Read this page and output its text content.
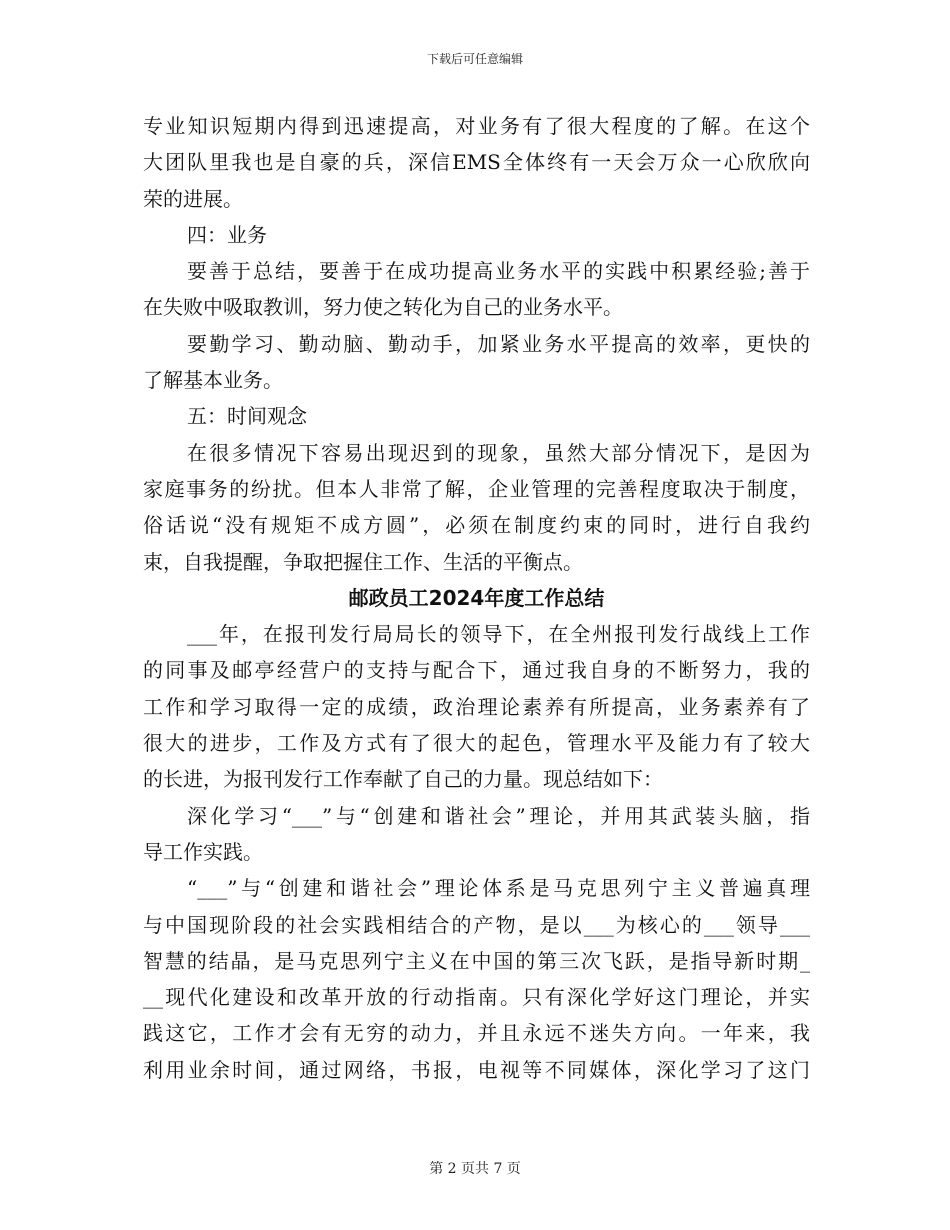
下载后可任意编辑
专业知识短期内得到迅速提高，对业务有了很大程度的了解。在这个
大团队里我也是自豪的兵，深信EMS全体终有一天会万众一心欣欣向
荣的进展。
四：业务
要善于总结，要善于在成功提高业务水平的实践中积累经验;善于
在失败中吸取教训，努力使之转化为自己的业务水平。
要勤学习、勤动脑、勤动手，加紧业务水平提高的效率，更快的
了解基本业务。
五：时间观念
在很多情况下容易出现迟到的现象，虽然大部分情况下，是因为
家庭事务的纷扰。但本人非常了解，企业管理的完善程度取决于制度，
俗话说“没有规矩不成方圆”，必须在制度约束的同时，进行自我约
束，自我提醒，争取把握住工作、生活的平衡点。
邮政员工2024年度工作总结
___年，在报刊发行局局长的领导下，在全州报刊发行战线上工作
的同事及邮亭经营户的支持与配合下，通过我自身的不断努力，我的
工作和学习取得一定的成绩，政治理论素养有所提高，业务素养有了
很大的进步，工作及方式有了很大的起色，管理水平及能力有了较大
的长进，为报刊发行工作奉献了自己的力量。现总结如下：
深化学习“___”与“创建和谐社会”理论，并用其武装头脑，指
导工作实践。
“___”与“创建和谐社会”理论体系是马克思列宁主义普遍真理
与中国现阶段的社会实践相结合的产物，是以___为核心的___领导___
智慧的结晶，是马克思列宁主义在中国的第三次飞跃，是指导新时期_
__现代化建设和改革开放的行动指南。只有深化学好这门理论，并实
践这它，工作才会有无穷的动力，并且永远不迷失方向。一年来，我
利用业余时间，通过网络，书报，电视等不同媒体，深化学习了这门
第 2 页共 7 页
